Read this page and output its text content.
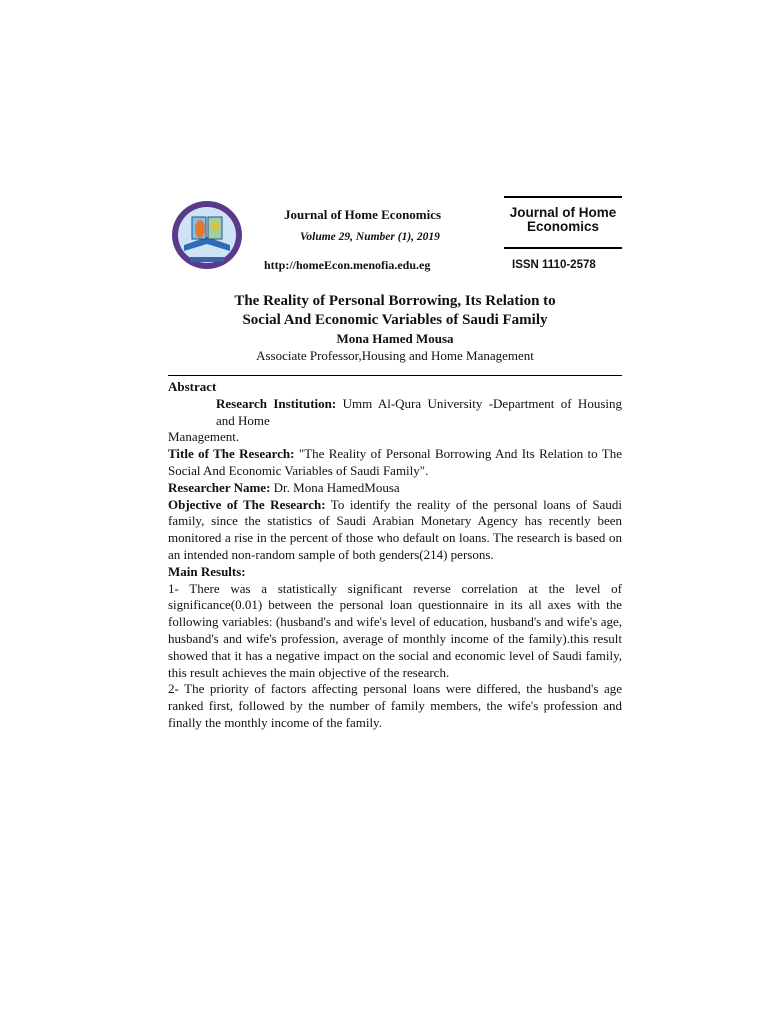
Journal of Home Economics
Volume 29, Number (1), 2019
http://homeEcon.menofia.edu.eg
Journal of Home
Economics
ISSN 1110-2578
The Reality of Personal Borrowing, Its Relation to
Social And Economic Variables of Saudi Family
Mona Hamed Mousa
Associate Professor,Housing and Home Management

Abstract

Research Institution: Umm Al-Qura University -Department of Housing and Home

Management.

Title of The Research: "The Reality of Personal Borrowing And Its Relation to The Social And Economic Variables of Saudi Family".

Researcher Name: Dr. Mona HamedMousa

Objective of The Research: To identify the reality of the personal loans of Saudi family, since the statistics of Saudi Arabian Monetary Agency has recently been monitored a rise in the percent of those who default on loans. The research is based on an intended non-random sample of both genders(214) persons.

Main Results:

1- There was a statistically significant reverse correlation at the level of significance(0.01) between the personal loan questionnaire in its all axes with the following variables: (husband's and wife's level of education, husband's and wife's age, husband's and wife's profession, average of monthly income of the family).this result showed that it has a negative impact on the social and economic level of Saudi family, this result achieves the main objective of the research.

2- The priority of factors affecting personal loans were differed, the husband's age ranked first, followed by the number of family members, the wife's profession and finally the monthly income of the family.
